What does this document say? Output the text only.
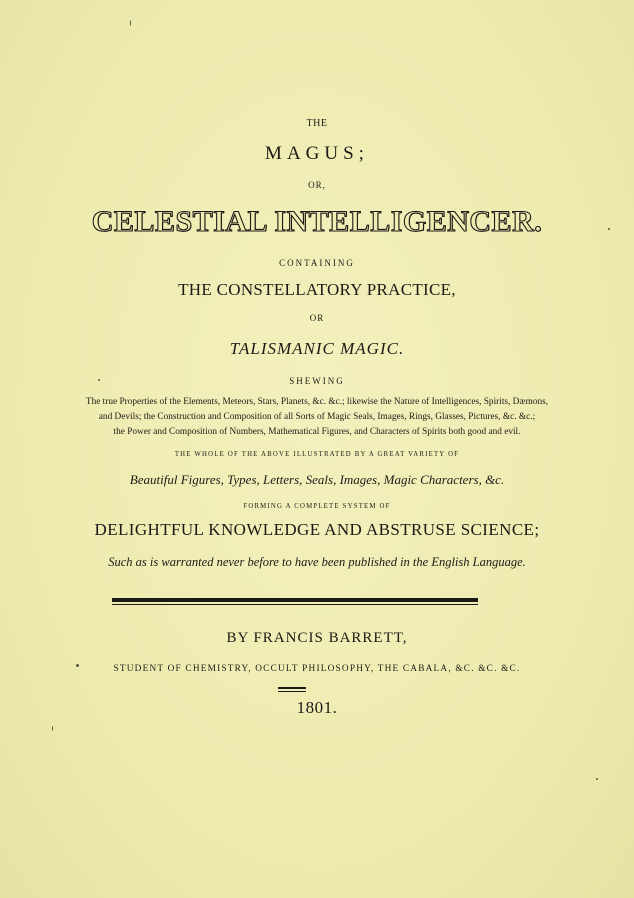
THE
MAGUS;
OR,
CELESTIAL INTELLIGENCER.
CONTAINING
THE CONSTELLATORY PRACTICE,
OR
TALISMANIC MAGIC.
SHEWING
The true Properties of the Elements, Meteors, Stars, Planets, &c. &c.; likewise the Nature of Intelligences, Spirits, Dæmons,
and Devils; the Construction and Composition of all Sorts of Magic Seals, Images, Rings, Glasses, Pictures, &c. &c.;
the Power and Composition of Numbers, Mathematical Figures, and Characters of Spirits both good and evil.
THE WHOLE OF THE ABOVE ILLUSTRATED BY A GREAT VARIETY OF
Beautiful Figures, Types, Letters, Seals, Images, Magic Characters, &c.
FORMING A COMPLETE SYSTEM OF
DELIGHTFUL KNOWLEDGE AND ABSTRUSE SCIENCE;
Such as is warranted never before to have been published in the English Language.
BY FRANCIS BARRETT,
STUDENT OF CHEMISTRY, OCCULT PHILOSOPHY, THE CABALA, &C. &C. &C.
1801.
